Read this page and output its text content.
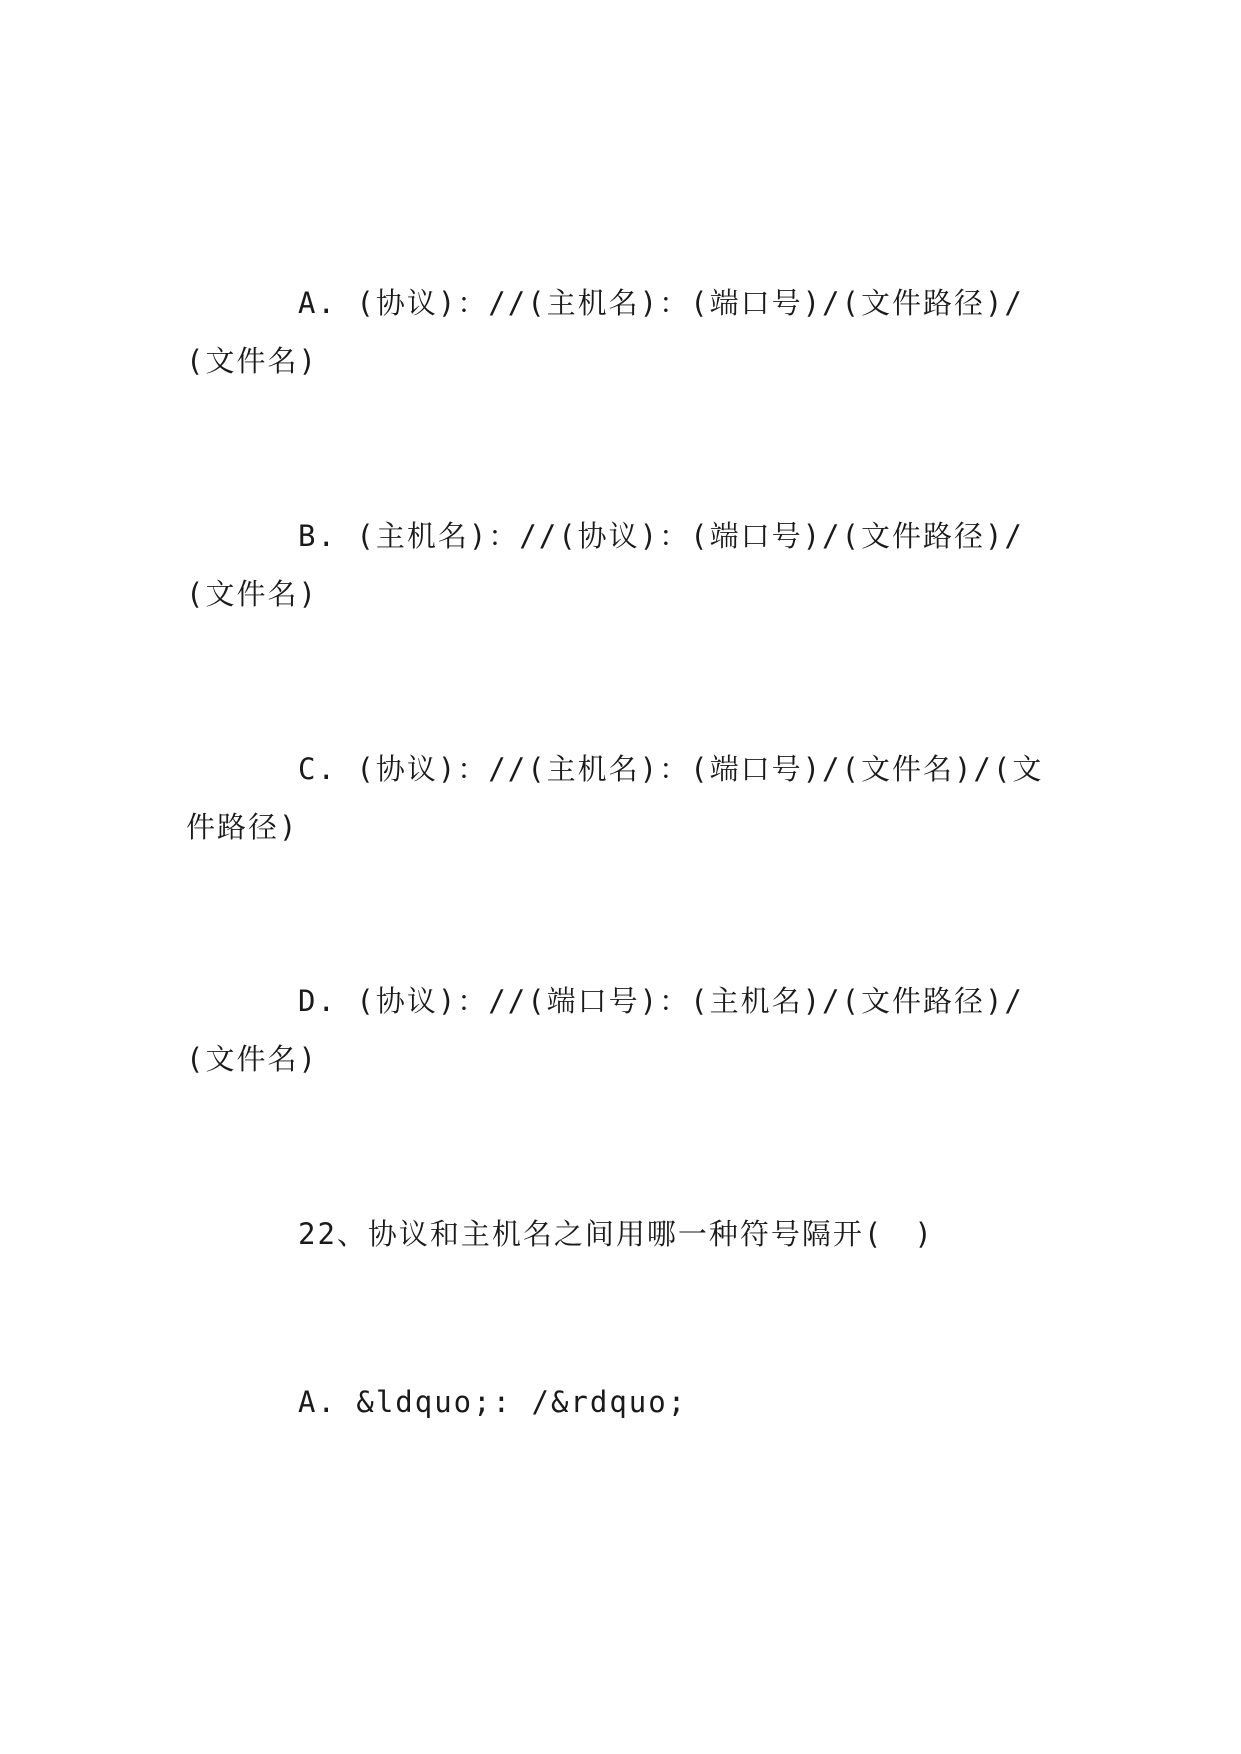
A. (协议)：//(主机名)：(端口号)/(文件路径)/(文件名)

B. (主机名)：//(协议)：(端口号)/(文件路径)/(文件名)

C. (协议)：//(主机名)：(端口号)/(文件名)/(文件路径)

D. (协议)：//(端口号)：(主机名)/(文件路径)/(文件名)

22、协议和主机名之间用哪一种符号隔开(　)

A. &ldquo;: /&rdquo;
